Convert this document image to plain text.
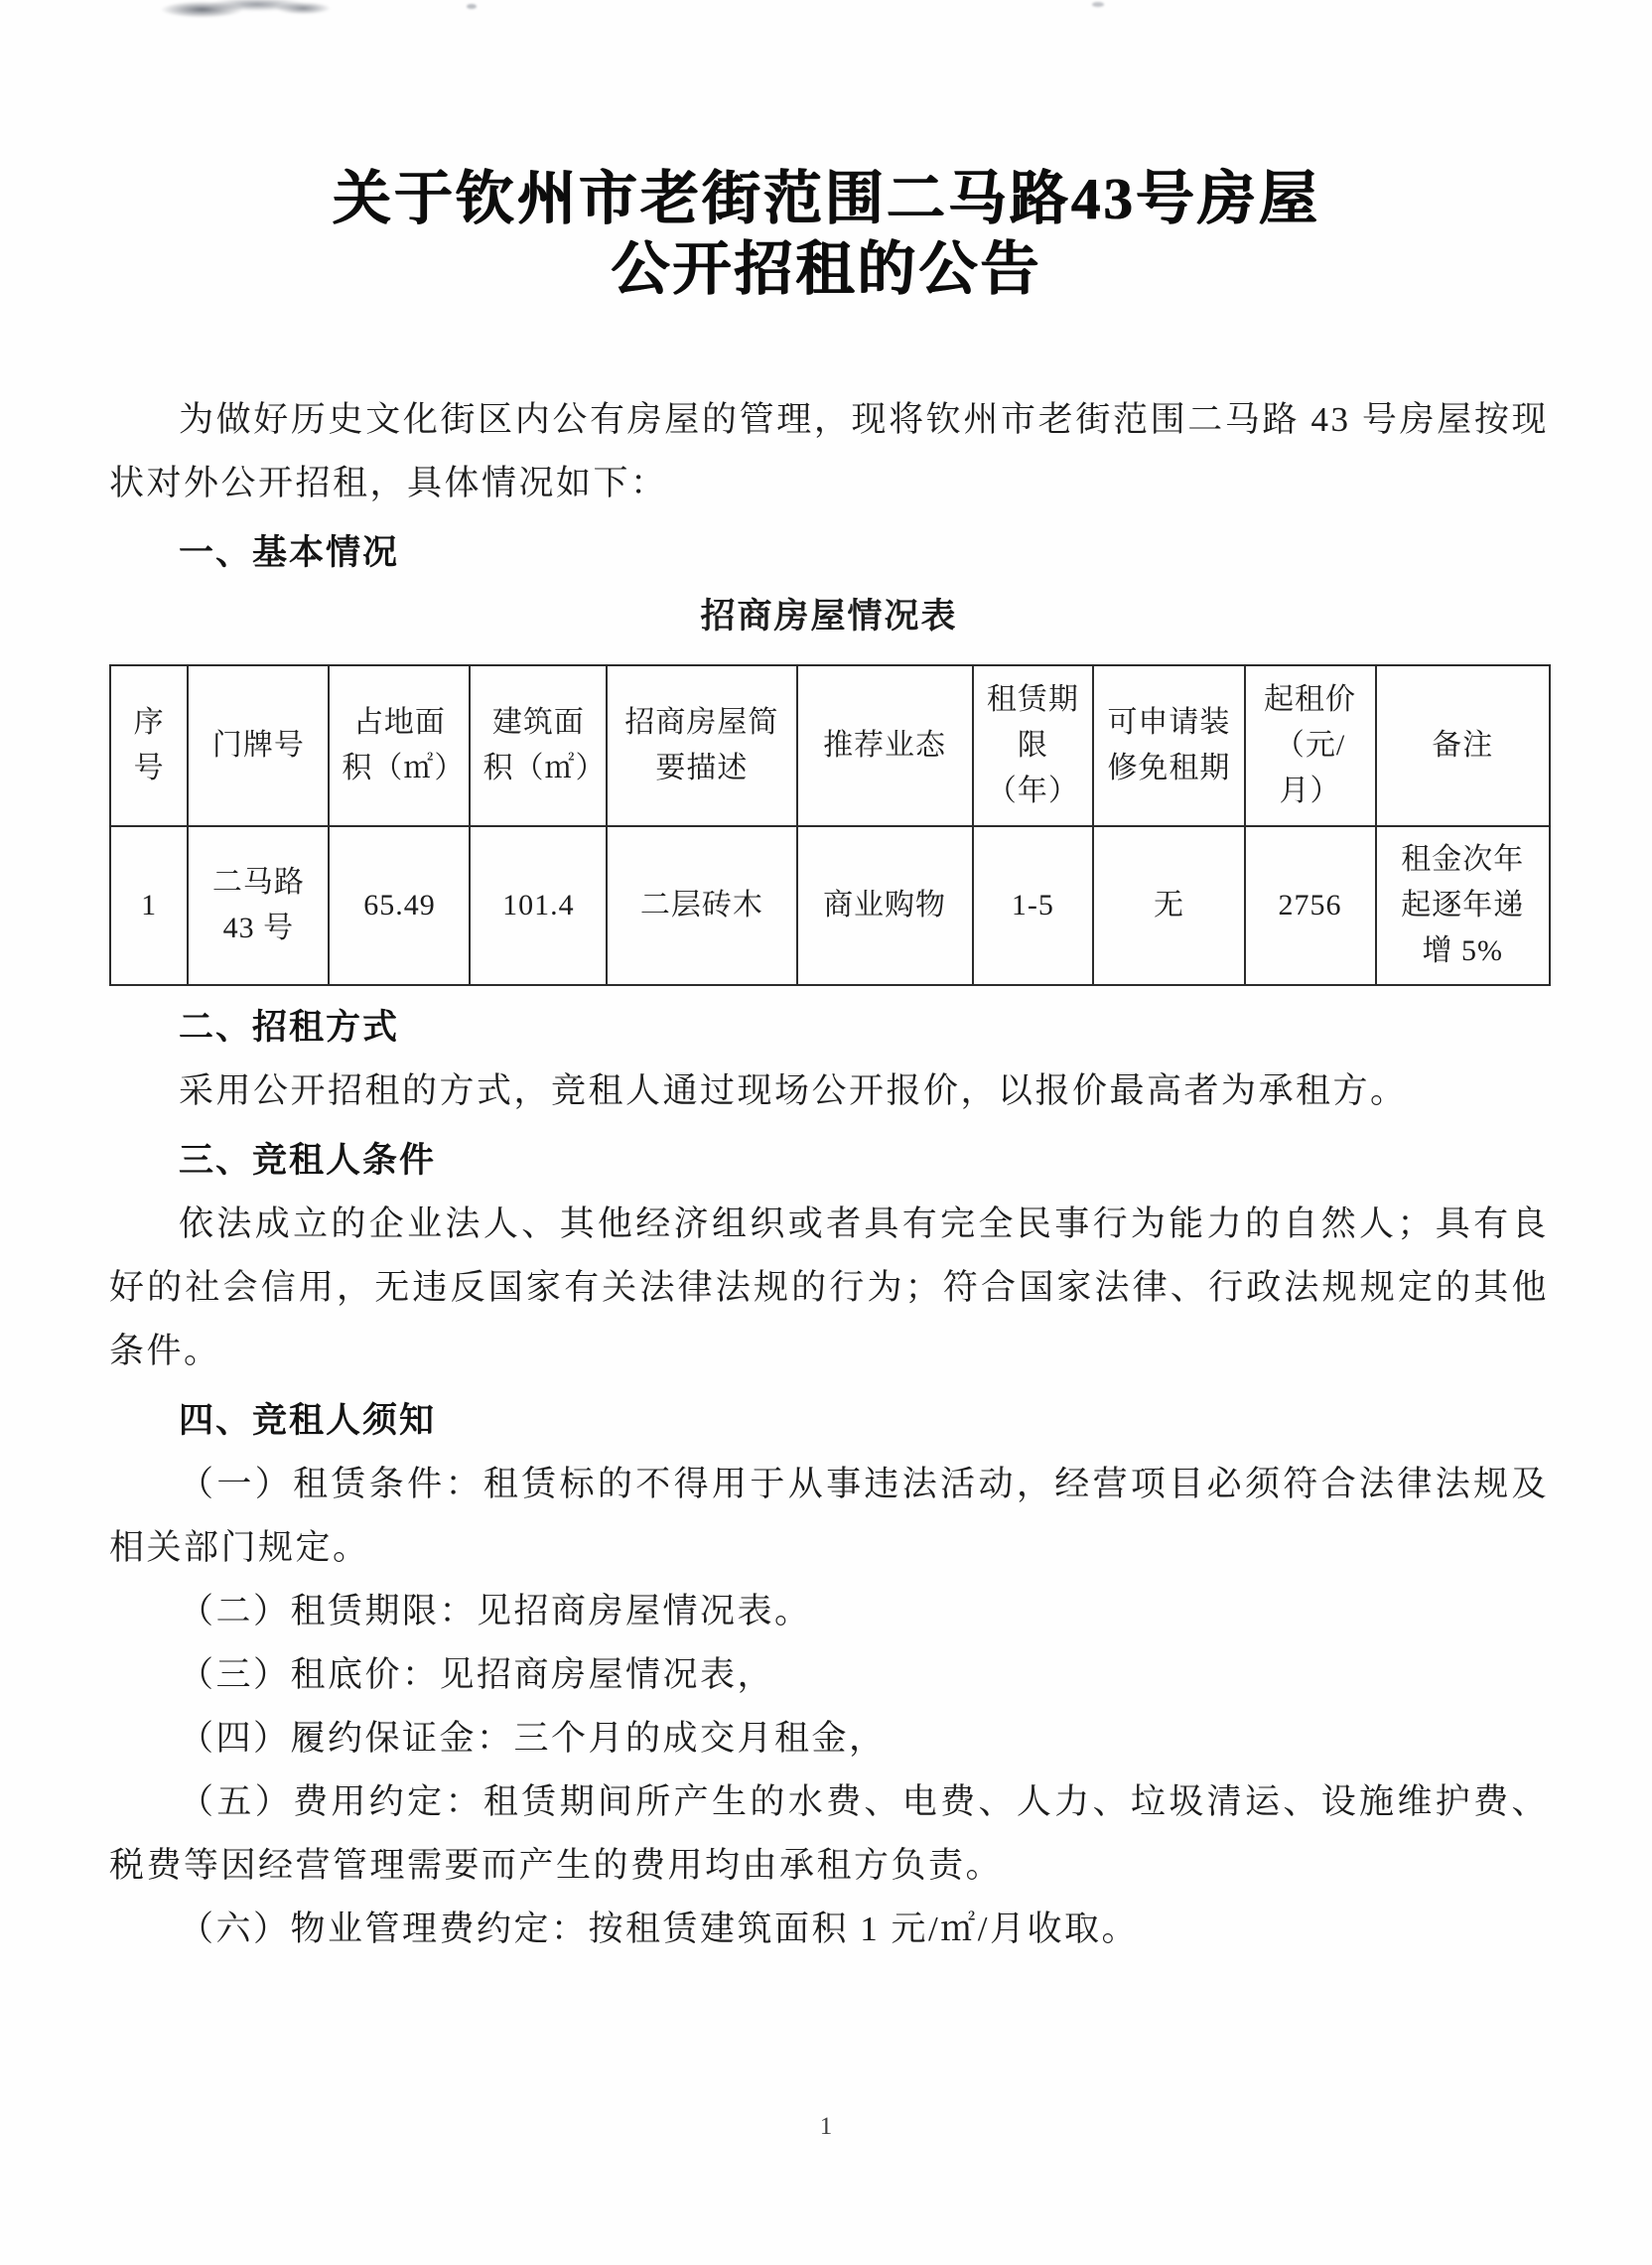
关于钦州市老街范围二马路43号房屋
公开招租的公告

为做好历史文化街区内公有房屋的管理，现将钦州市老街范围二马路 43 号房屋按现状对外公开招租，具体情况如下：

一、基本情况

招商房屋情况表

序号	门牌号	占地面积（㎡）	建筑面积（㎡）	招商房屋简要描述	推荐业态	租赁期限（年）	可申请装修免租期	起租价（元/月）	备注
1	二马路 43 号	65.49	101.4	二层砖木	商业购物	1-5	无	2756	租金次年起逐年递增 5%

二、招租方式

采用公开招租的方式，竞租人通过现场公开报价，以报价最高者为承租方。

三、竞租人条件

依法成立的企业法人、其他经济组织或者具有完全民事行为能力的自然人；具有良好的社会信用，无违反国家有关法律法规的行为；符合国家法律、行政法规规定的其他条件。

四、竞租人须知

（一）租赁条件：租赁标的不得用于从事违法活动，经营项目必须符合法律法规及相关部门规定。

（二）租赁期限：见招商房屋情况表。

（三）租底价：见招商房屋情况表，

（四）履约保证金：三个月的成交月租金，

（五）费用约定：租赁期间所产生的水费、电费、人力、垃圾清运、设施维护费、税费等因经营管理需要而产生的费用均由承租方负责。

（六）物业管理费约定：按租赁建筑面积 1 元/㎡/月收取。

1
